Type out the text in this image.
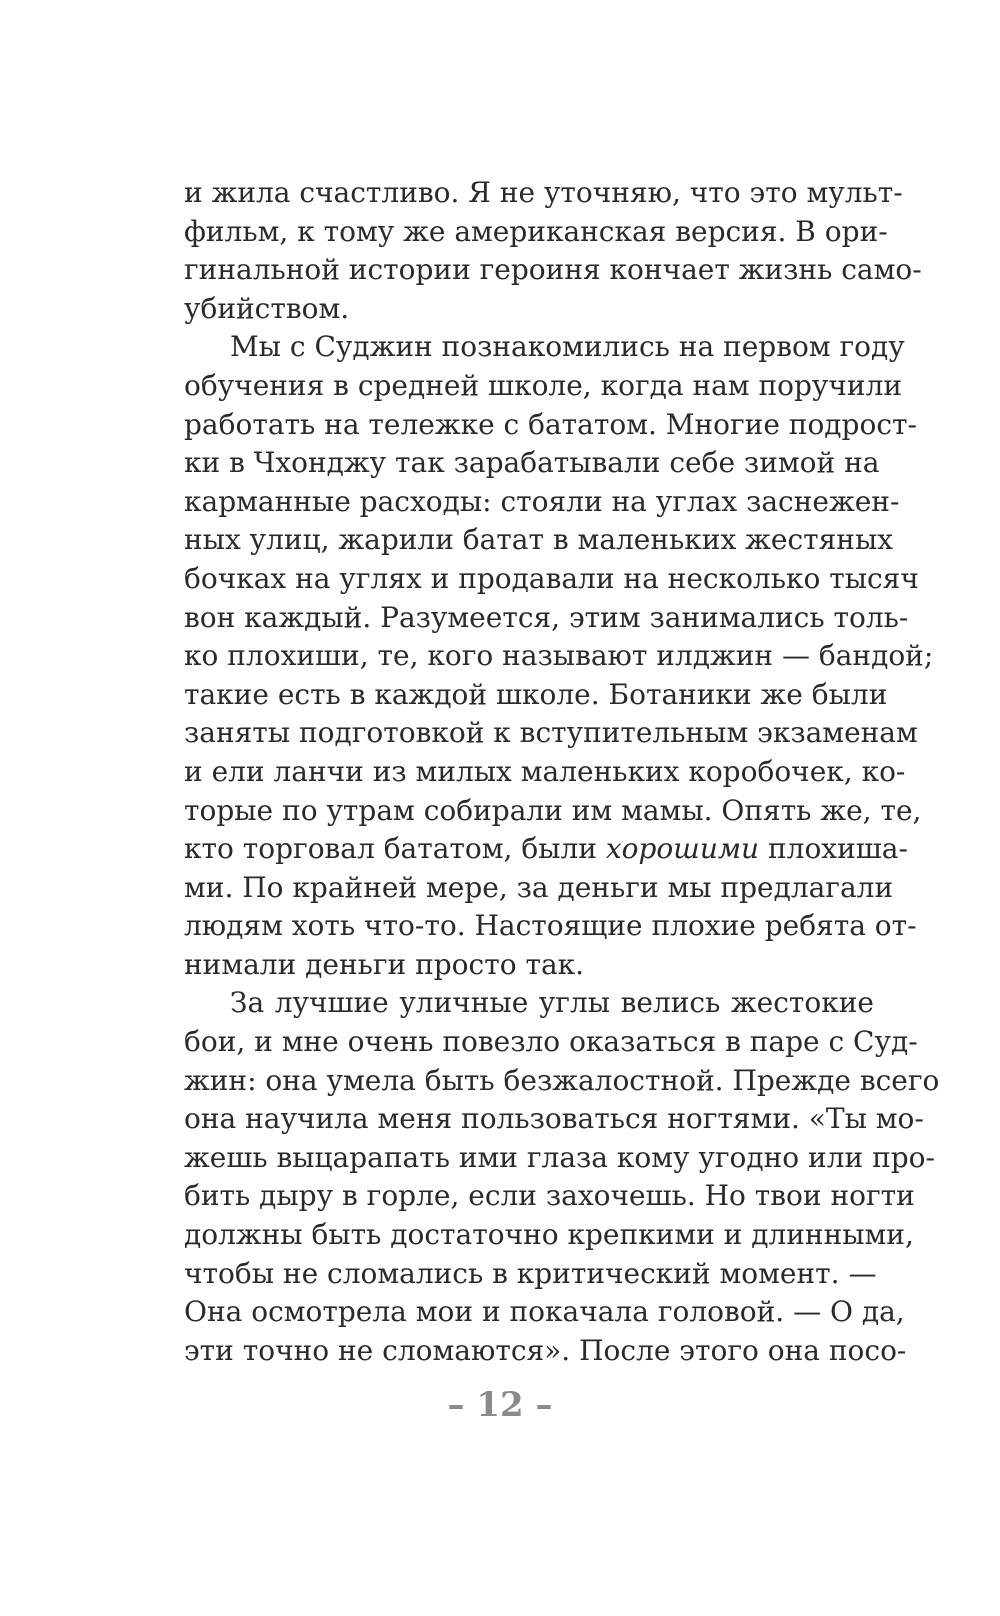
и жила счастливо. Я не уточняю, что это мульт-
фильм, к тому же американская версия. В ори-
гинальной истории героиня кончает жизнь само-
убийством.
Мы с Суджин познакомились на первом году
обучения в средней школе, когда нам поручили
работать на тележке с бататом. Многие подрост-
ки в Чхонджу так зарабатывали себе зимой на
карманные расходы: стояли на углах заснежен-
ных улиц, жарили батат в маленьких жестяных
бочках на углях и продавали на несколько тысяч
вон каждый. Разумеется, этим занимались толь-
ко плохиши, те, кого называют илджин — бандой;
такие есть в каждой школе. Ботаники же были
заняты подготовкой к вступительным экзаменам
и ели ланчи из милых маленьких коробочек, ко-
торые по утрам собирали им мамы. Опять же, те,
кто торговал бататом, были хорошими плохиша-
ми. По крайней мере, за деньги мы предлагали
людям хоть что-то. Настоящие плохие ребята от-
нимали деньги просто так.
За лучшие уличные углы велись жестокие
бои, и мне очень повезло оказаться в паре с Суд-
жин: она умела быть безжалостной. Прежде всего
она научила меня пользоваться ногтями. «Ты мо-
жешь выцарапать ими глаза кому угодно или про-
бить дыру в горле, если захочешь. Но твои ногти
должны быть достаточно крепкими и длинными,
чтобы не сломались в критический момент. —
Она осмотрела мои и покачала головой. — О да,
эти точно не сломаются». После этого она посо-
– 12 –
